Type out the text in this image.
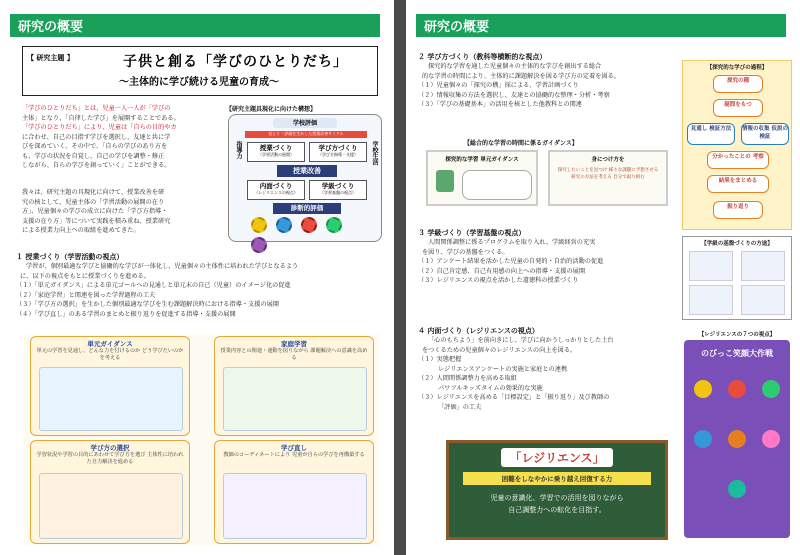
研究の概要
【 研究主題 】	子供と創る「学びのひとりだち」
～主体的に学び続ける児童の育成～
「学びのひとりだち」とは、児童一人一人が「学びの
主体」となり、「自律した学び」を展開することである。
「学びのひとりだち」により、児童は「自らの目的やカ
に合わせ、自己の目指す学びを選択し、友達と共に学
びを深めていく。その中で、「自らの学びのあり方を
も、学びの状況を自覚し、自己の学びを調整・修正
しながら、自らの学びを創っていく」ことができる。
我々は、研究主題の具現化に向けて、授業改善を研
究の核として、児童主体の「学習活動の展開の在り
方」、児童個々の学びの成立に向けた「学び方指導・
支援の在り方」等について実践を積み重ね、授業研究
による授業力向上への取組を進めてきた。
【研究主題具現化に向けた構想】
学校評価
見とり・評価を生かした授業改善サイクル
指導力	学校生活
授業づくり
（学習活動の展開）
学び方づくり
（学び方指導・支援）
授業改善
内面づくり
（レジリエンスの視点）
学級づくり
（学習基盤の視点）
診断的評価

１ 授業づくり（学習活動の視点）
学習が、個別最適な学びと協働的な学びが一体化し、児童個々の主体性に培われた学びとなるよう
に、以下の視点をもとに授業づくりを進める。
（１）「単元ガイダンス」による単元ゴールへの見通しと単元末の自己（児童）のイメージ化の促進
（２）「家庭学習」と関連を図った学習過程の工夫
（３）「学び方の選択」を生かした個別最適な学びを生む課題解決時における指導・支援の展開
（４）「学び直し」のある学習のまとめと振り返りを促進する指導・支援の展開
単元ガイダンス
単元の学習を見通し、どんな力を付けるのか どう学びたいのかを考える
家庭学習
授業内容との関連・連動を図りながら 課題解決への意識を高める
学び方の選択
学習状況や学習の目的にあわせて学び方を選び 主体性に培われた自力解決を進める
学び直し
教師のコーディネートにより 児童が自らの学びを再構築する
研究の概要
２ 学び方づくり（教科等横断的な視点）
探究的な学習を通した児童個々の主体的な学びを創出する総合
的な学習の時間により、主体的に課題解決を図る学び方の定着を図る。
（１）児童個々の「探究の構」採による、学習計画づくり
（２）情報収集の方法を選択し、友達との協働的な整理・分析・考察
（３）「学びの基礎基本」の活用を核とした他教科との関連
【総合的な学習の時間に係るガイダンス】
探究的な学習 単元ガイダンス	身につけ方を
探究したいことを見つけ 様々な課題に予想させる 研究の方法を考える 自分で取り組む
【探究的な学びの過程】
探究の種
疑問をもつ
見通し 検証方法	情報の収集 仮説の検証
分かったことの 考察
結果をまとめる
振り返り
３ 学級づくり（学習基盤の視点）
人間関係調整に係るプログラムを取り入れ、学級経営の充実
を図り、学びの基盤をつくる。
（１）アンケート結果を活かした児童の自発的・自治的活動の促進
（２）自己肯定感、自己有用感の向上への指導・支援の展開
（３）レジリエンスの視点を活かした道徳科の授業づくり
【学級の基盤づくりの方途】
４ 内面づくり（レジリエンスの視点）
「心のもちよう」を前向きにし、学びに向かうしっかりとした土台
をつくるための児童個々のレジリエンスの向上を図る。
（１）実態把握
レジリエンスアンケートの実施と家庭との連携
（２）人間関係調整力を高める取組
パワフルキッズタイムの効果的な実施
（３）レジリエンスを高める「目標設定」と「振り返り」及び教師の
「評価」の工夫
「レジリエンス」
困難をしなやかに乗り越え回復する力
児童の意識化、学習での活用を図りながら
自己調整力への転化を目指す。
【レジリエンスの７つの視点】
のびっこ笑顔大作戦
